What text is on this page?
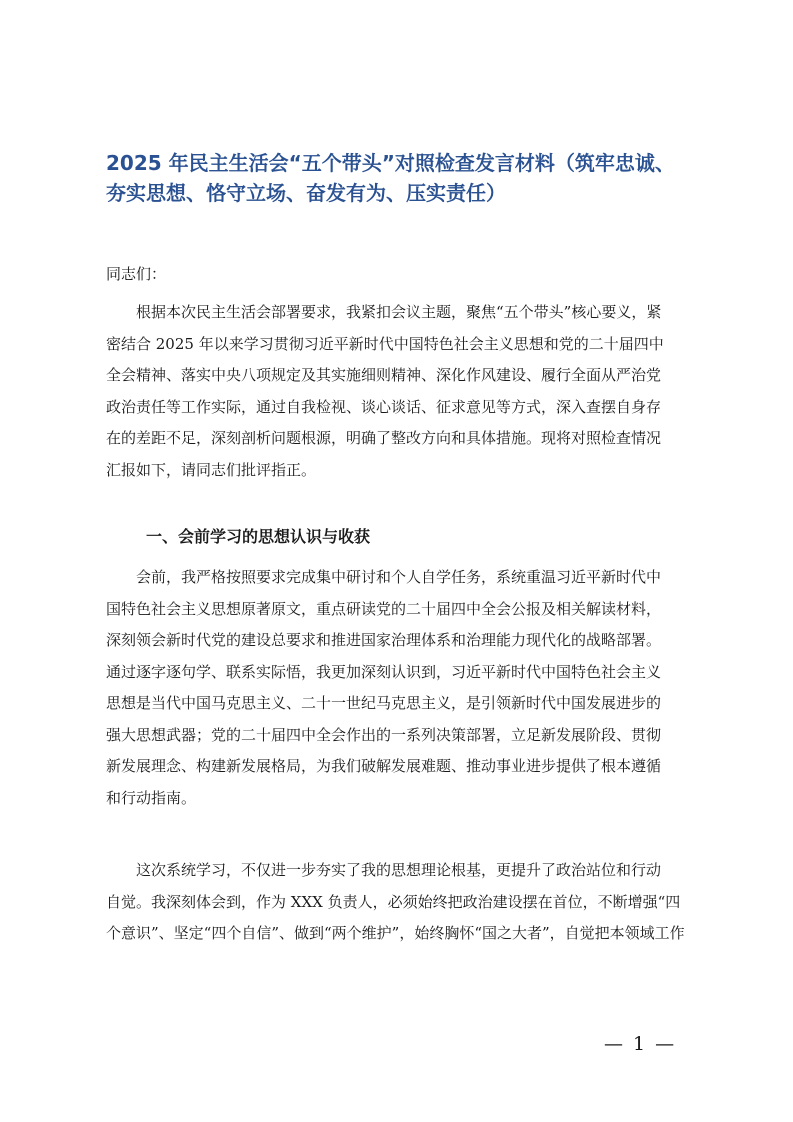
2025 年民主生活会“五个带头”对照检查发言材料（筑牢忠诚、
夯实思想、恪守立场、奋发有为、压实责任）
同志们：
根据本次民主生活会部署要求，我紧扣会议主题，聚焦“五个带头”核心要义，紧
密结合 2025 年以来学习贯彻习近平新时代中国特色社会主义思想和党的二十届四中
全会精神、落实中央八项规定及其实施细则精神、深化作风建设、履行全面从严治党
政治责任等工作实际，通过自我检视、谈心谈话、征求意见等方式，深入查摆自身存
在的差距不足，深刻剖析问题根源，明确了整改方向和具体措施。现将对照检查情况
汇报如下，请同志们批评指正。
一、会前学习的思想认识与收获
会前，我严格按照要求完成集中研讨和个人自学任务，系统重温习近平新时代中
国特色社会主义思想原著原文，重点研读党的二十届四中全会公报及相关解读材料，
深刻领会新时代党的建设总要求和推进国家治理体系和治理能力现代化的战略部署。
通过逐字逐句学、联系实际悟，我更加深刻认识到，习近平新时代中国特色社会主义
思想是当代中国马克思主义、二十一世纪马克思主义，是引领新时代中国发展进步的
强大思想武器；党的二十届四中全会作出的一系列决策部署，立足新发展阶段、贯彻
新发展理念、构建新发展格局，为我们破解发展难题、推动事业进步提供了根本遵循
和行动指南。
这次系统学习，不仅进一步夯实了我的思想理论根基，更提升了政治站位和行动
自觉。我深刻体会到，作为 XXX 负责人，必须始终把政治建设摆在首位，不断增强“四
个意识”、坚定“四个自信”、做到“两个维护”，始终胸怀“国之大者”，自觉把本领域工作
— 1 —
